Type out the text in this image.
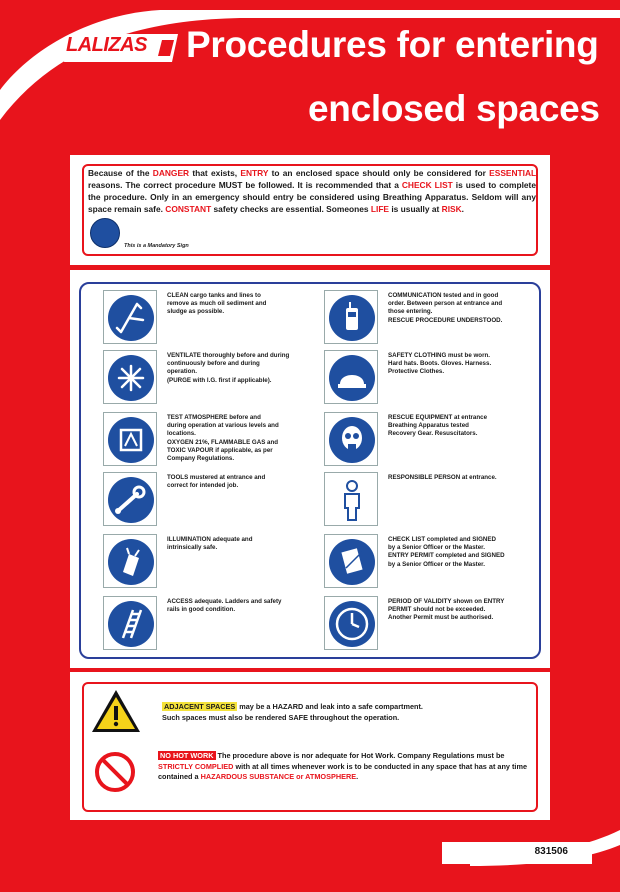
LALIZAS Procedures for entering
enclosed spaces
Because of the DANGER that exists, ENTRY to an enclosed space should only be considered for ESSENTIAL reasons. The correct procedure MUST be followed. It is recommended that a CHECK LIST is used to complete the procedure. Only in an emergency should entry be considered using Breathing Apparatus. Seldom will any space remain safe. CONSTANT safety checks are essential. Someones LIFE is usually at RISK.
This is a Mandatory Sign
CLEAN cargo tanks and lines to
remove as much oil sediment and
sludge as possible.
VENTILATE thoroughly before and during
continuously before and during
operation.
(PURGE with I.G. first if applicable).
TEST ATMOSPHERE before and
during operation at various levels and
locations.
OXYGEN 21%, FLAMMABLE GAS and
TOXIC VAPOUR if applicable, as per
Company Regulations.
TOOLS mustered at entrance and
correct for intended job.
ILLUMINATION adequate and
intrinsically safe.
ACCESS adequate. Ladders and safety
rails in good condition.
COMMUNICATION tested and in good
order. Between person at entrance and
those entering.
RESCUE PROCEDURE UNDERSTOOD.
SAFETY CLOTHING must be worn.
Hard hats. Boots. Gloves. Harness.
Protective Clothes.
RESCUE EQUIPMENT at entrance
Breathing Apparatus tested
Recovery Gear. Resuscitators.
RESPONSIBLE PERSON at entrance.
CHECK LIST completed and SIGNED
by a Senior Officer or the Master.
ENTRY PERMIT completed and SIGNED
by a Senior Officer or the Master.
PERIOD OF VALIDITY shown on ENTRY
PERMIT should not be exceeded.
Another Permit must be authorised.
ADJACENT SPACES may be a HAZARD and leak into a safe compartment.
Such spaces must also be rendered SAFE throughout the operation.
NO HOT WORK The procedure above is nor adequate for Hot Work. Company Regulations must be STRICTLY COMPLIED with at all times whenever work is to be conducted in any space that has at any time contained a HAZARDOUS SUBSTANCE or ATMOSPHERE.
831506
